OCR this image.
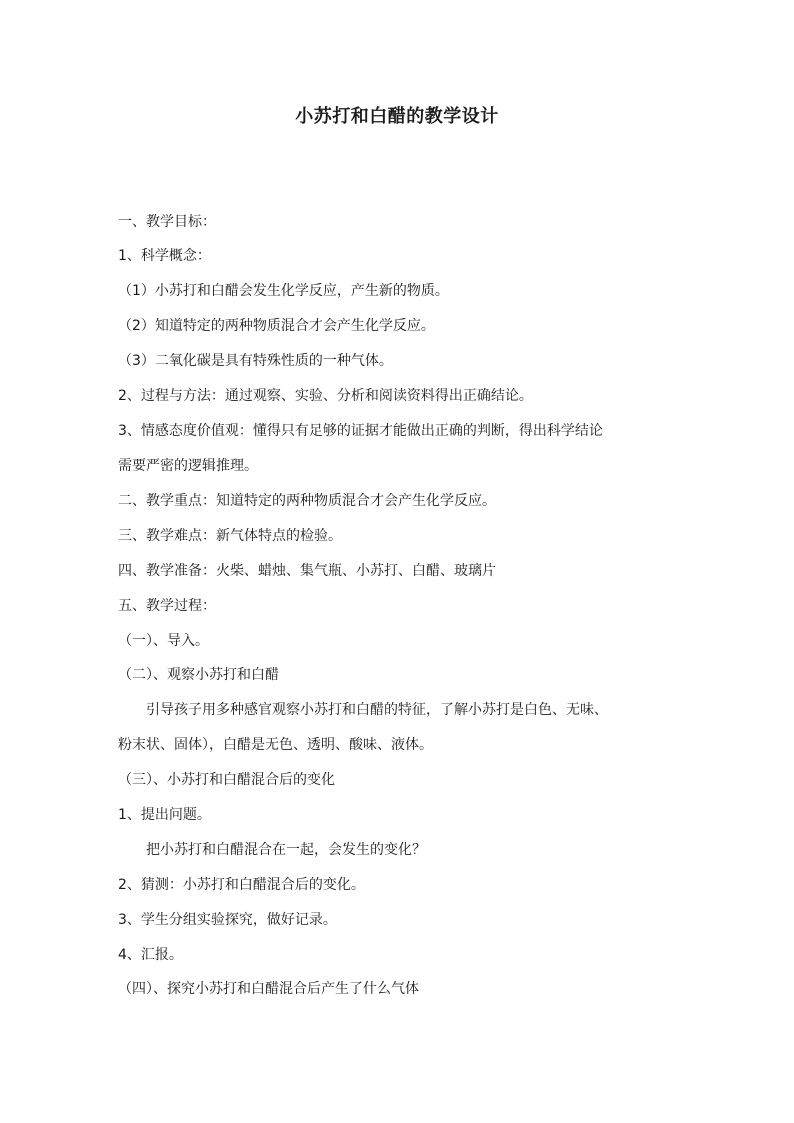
小苏打和白醋的教学设计
一、教学目标：
1、科学概念：
（1）小苏打和白醋会发生化学反应，产生新的物质。
（2）知道特定的两种物质混合才会产生化学反应。
（3）二氧化碳是具有特殊性质的一种气体。
2、过程与方法：通过观察、实验、分析和阅读资料得出正确结论。
3、情感态度价值观：懂得只有足够的证据才能做出正确的判断，得出科学结论
需要严密的逻辑推理。
二、教学重点：知道特定的两种物质混合才会产生化学反应。
三、教学难点：新气体特点的检验。
四、教学准备：火柴、蜡烛、集气瓶、小苏打、白醋、玻璃片
五、教学过程：
（一）、导入。
（二）、观察小苏打和白醋
引导孩子用多种感官观察小苏打和白醋的特征，了解小苏打是白色、无味、
粉末状、固体），白醋是无色、透明、酸味、液体。
（三）、小苏打和白醋混合后的变化
1、提出问题。
把小苏打和白醋混合在一起，会发生的变化？
2、猜测：小苏打和白醋混合后的变化。
3、学生分组实验探究，做好记录。
4、汇报。
（四）、探究小苏打和白醋混合后产生了什么气体
